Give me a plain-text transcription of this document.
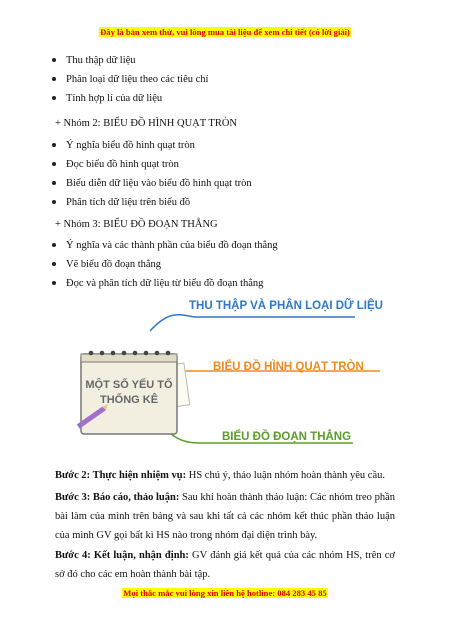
Đây là bản xem thử, vui lòng mua tài liệu để xem chi tiết (có lời giải)
Thu thập dữ liệu
Phân loại dữ liệu theo các tiêu chí
Tính hợp lí của dữ liệu
+ Nhóm 2: BIỂU ĐỒ HÌNH QUẠT TRÒN
Ý nghĩa biểu đồ hình quạt tròn
Đọc biểu đồ hình quạt tròn
Biểu diễn dữ liệu vào biểu đồ hình quạt tròn
Phân tích dữ liệu trên biểu đồ
+ Nhóm 3: BIỂU ĐỒ ĐOẠN THẲNG
Ý nghĩa và các thành phần của biểu đồ đoạn thẳng
Vẽ biểu đồ đoạn thẳng
Đọc và phân tích dữ liệu từ biểu đồ đoạn thẳng
MỘT SỐ YẾU TỐ
THỐNG KÊ
THU THẬP VÀ PHÂN LOẠI DỮ LIỆU
BIỂU ĐỒ HÌNH QUẠT TRÒN
BIỂU ĐỒ ĐOẠN THẲNG
Bước 2: Thực hiện nhiệm vụ: HS chú ý, thảo luận nhóm hoàn thành yêu cầu.
Bước 3: Báo cáo, thảo luận: Sau khi hoàn thành thảo luận: Các nhóm treo phần bài làm của mình trên bảng và sau khi tất cả các nhóm kết thúc phần thảo luận của mình GV gọi bất kì HS nào trong nhóm đại diện trình bày.
Bước 4: Kết luận, nhận định: GV đánh giá kết quả của các nhóm HS, trên cơ sở đó cho các em hoàn thành bài tập.
Mọi thắc mắc vui lòng xin liên hệ hotline: 084 283 45 85
